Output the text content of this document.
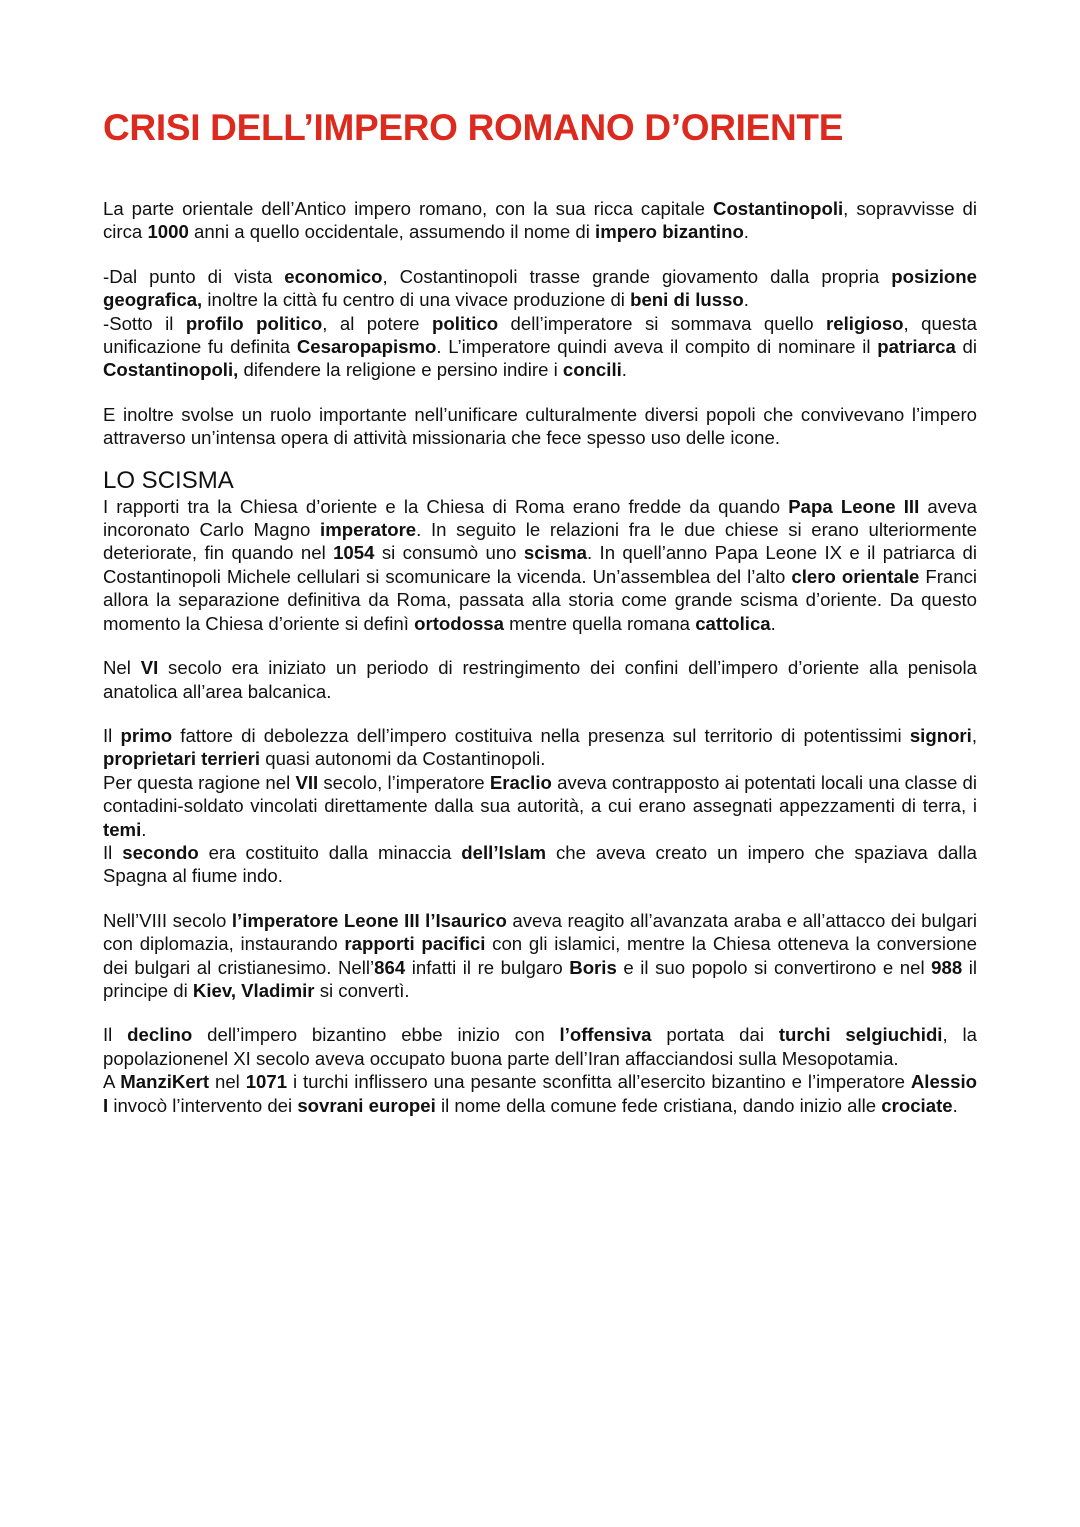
CRISI DELL’IMPERO ROMANO D’ORIENTE

La parte orientale dell’Antico impero romano, con la sua ricca capitale Costantinopoli, sopravvisse di circa 1000 anni a quello occidentale, assumendo il nome di impero bizantino.

-Dal punto di vista economico, Costantinopoli trasse grande giovamento dalla propria posizione geografica, inoltre la città fu centro di una vivace produzione di beni di lusso.

-Sotto il profilo politico, al potere politico dell’imperatore si sommava quello religioso, questa unificazione fu definita Cesaropapismo. L’imperatore quindi aveva il compito di nominare il patriarca di Costantinopoli, difendere la religione e persino indire i concili.

E inoltre svolse un ruolo importante nell’unificare culturalmente diversi popoli che convivevano l’impero attraverso un’intensa opera di attività missionaria che fece spesso uso delle icone.

LO SCISMA

I rapporti tra la Chiesa d’oriente e la Chiesa di Roma erano fredde da quando Papa Leone III aveva incoronato Carlo Magno imperatore. In seguito le relazioni fra le due chiese si erano ulteriormente deteriorate, fin quando nel 1054 si consumò uno scisma. In quell’anno Papa Leone IX e il patriarca di Costantinopoli Michele cellulari si scomunicare la vicenda. Un’assemblea del l’alto clero orientale Franci allora la separazione definitiva da Roma, passata alla storia come grande scisma d’oriente. Da questo momento la Chiesa d’oriente si definì ortodossa mentre quella romana cattolica.

Nel VI secolo era iniziato un periodo di restringimento dei confini dell’impero d’oriente alla penisola anatolica all’area balcanica.

Il primo fattore di debolezza dell’impero costituiva nella presenza sul territorio di potentissimi signori, proprietari terrieri quasi autonomi da Costantinopoli.

Per questa ragione nel VII secolo, l’imperatore Eraclio aveva contrapposto ai potentati locali una classe di contadini-soldato vincolati direttamente dalla sua autorità, a cui erano assegnati appezzamenti di terra, i temi.

Il secondo era costituito dalla minaccia dell’Islam che aveva creato un impero che spaziava dalla Spagna al fiume indo.

Nell’VIII secolo l’imperatore Leone III l’Isaurico aveva reagito all’avanzata araba e all’attacco dei bulgari con diplomazia, instaurando rapporti pacifici con gli islamici, mentre la Chiesa otteneva la conversione dei bulgari al cristianesimo. Nell’864 infatti il re bulgaro Boris e il suo popolo si convertirono e nel 988 il principe di Kiev, Vladimir si convertì.

Il declino dell’impero bizantino ebbe inizio con l’offensiva portata dai turchi selgiuchidi, la popolazionenel XI secolo aveva occupato buona parte dell’Iran affacciandosi sulla Mesopotamia.

A ManziKert nel 1071 i turchi inflissero una pesante sconfitta all’esercito bizantino e l’imperatore Alessio I invocò l’intervento dei sovrani europei il nome della comune fede cristiana, dando inizio alle crociate.
